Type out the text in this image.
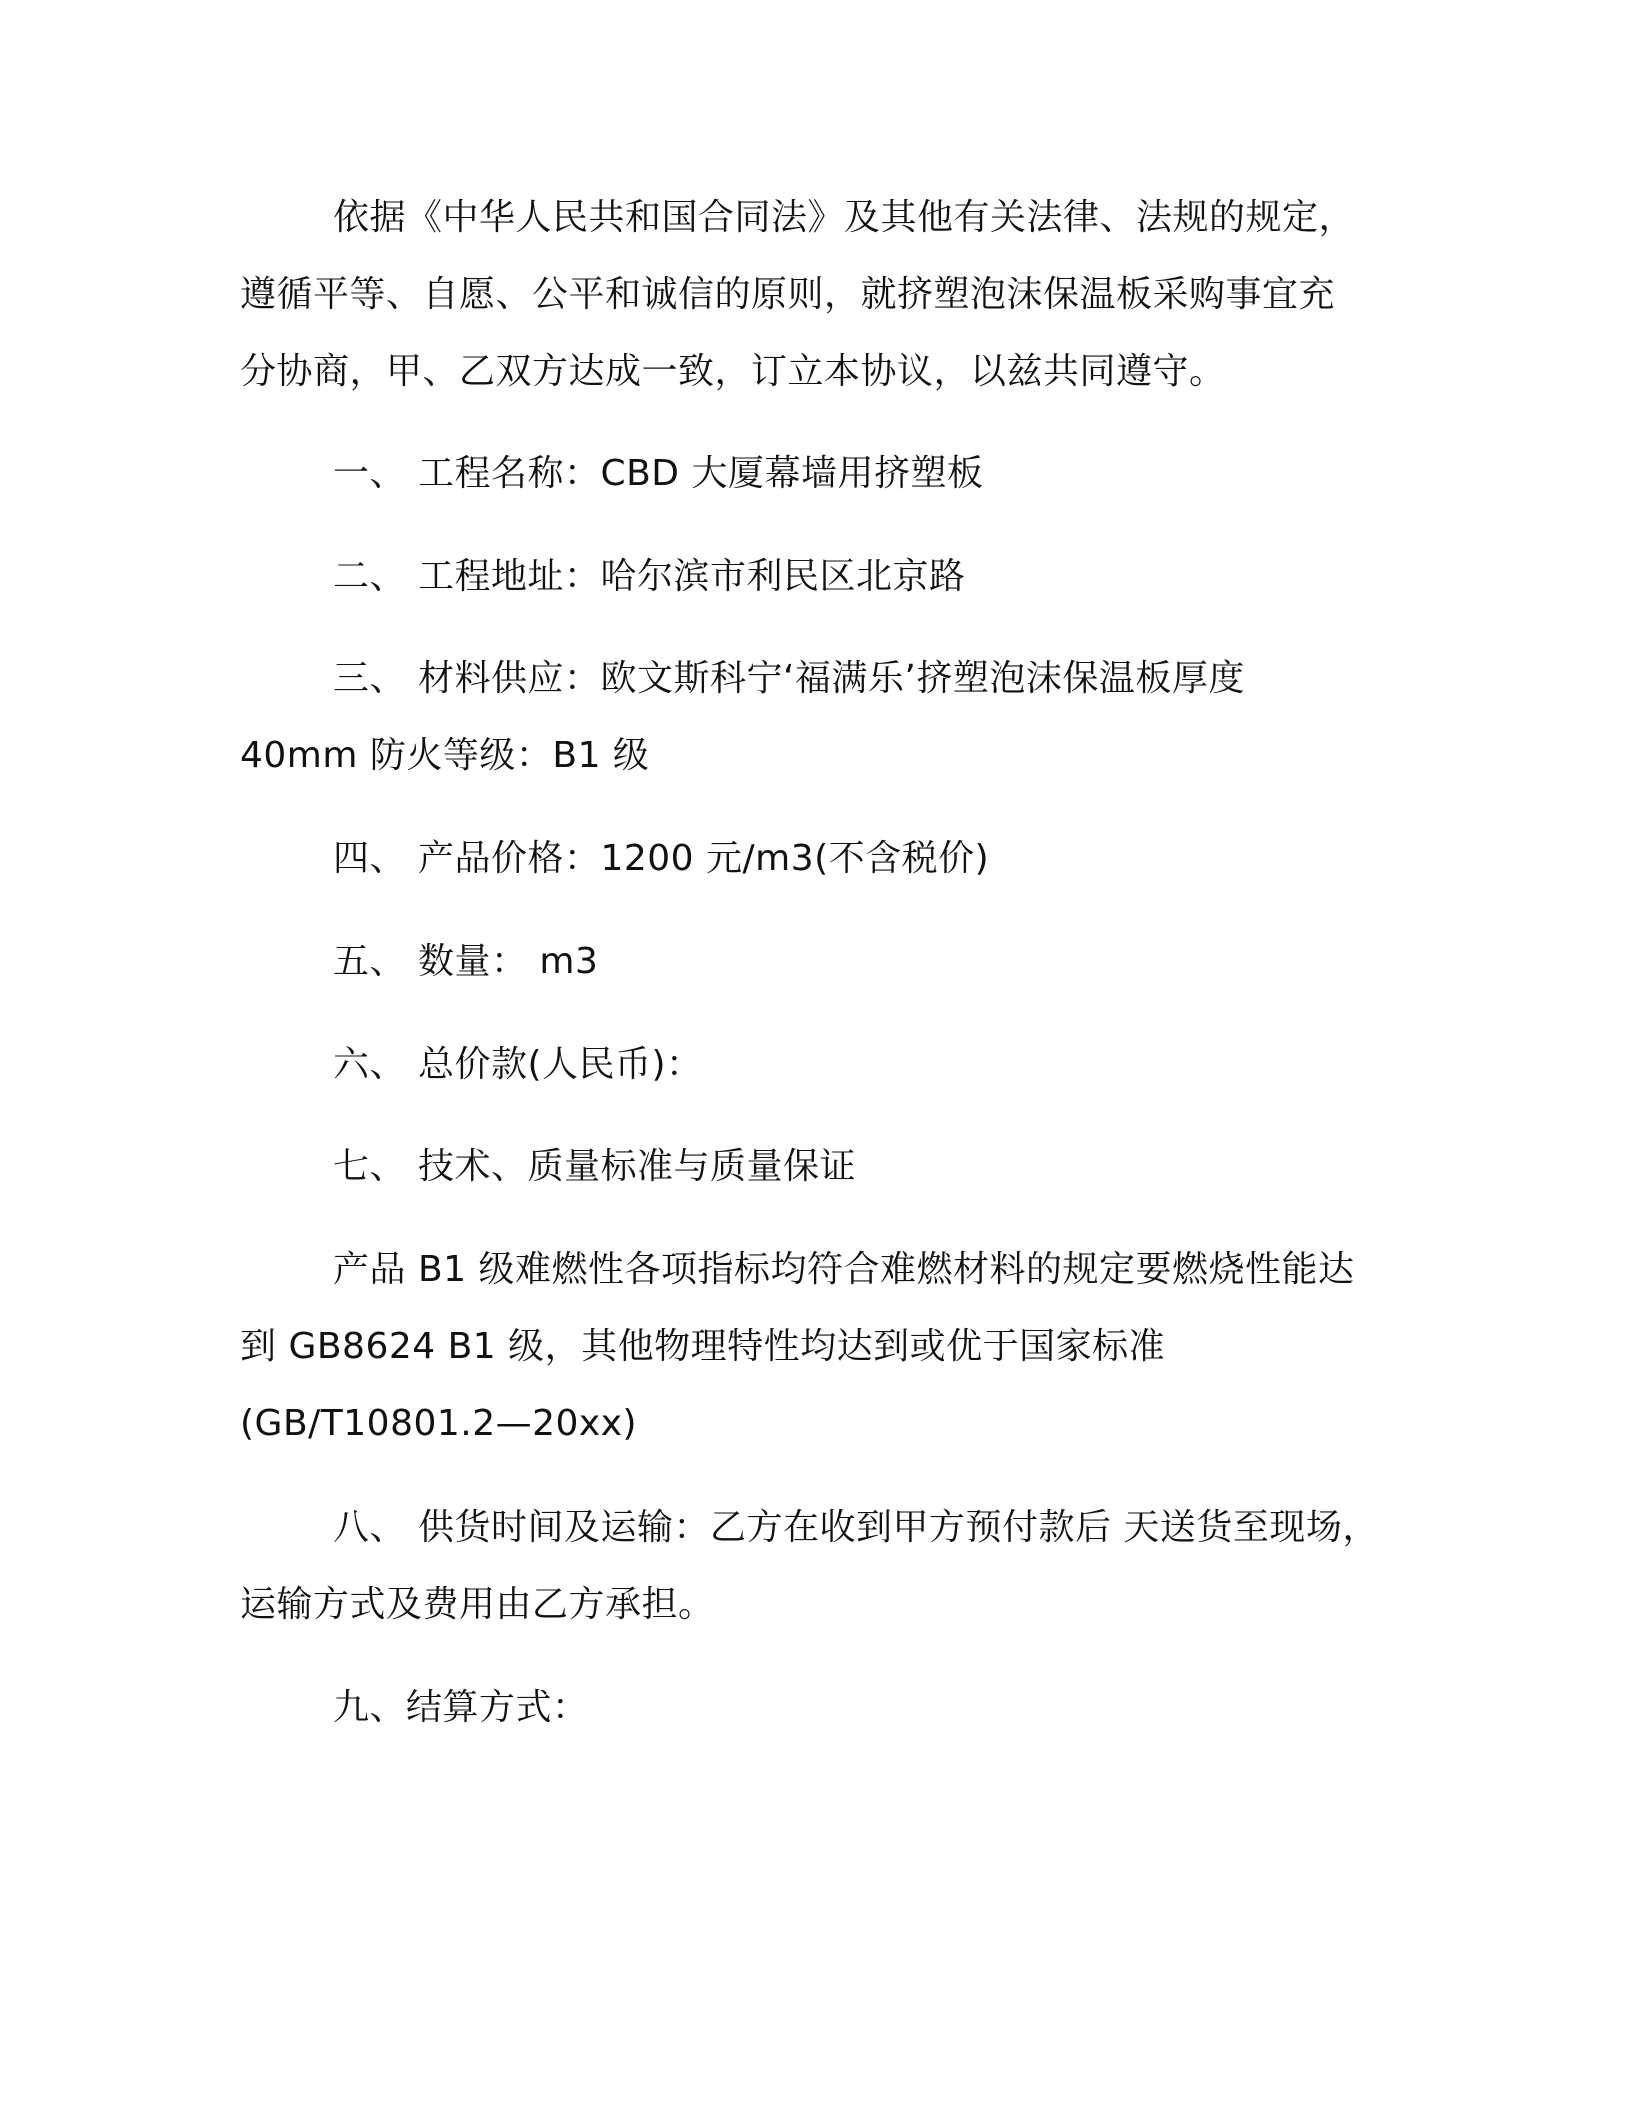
依据《中华人民共和国合同法》及其他有关法律、法规的规定，
遵循平等、自愿、公平和诚信的原则，就挤塑泡沫保温板采购事宜充
分协商，甲、乙双方达成一致，订立本协议，以兹共同遵守。
一、 工程名称：CBD 大厦幕墙用挤塑板
二、 工程地址：哈尔滨市利民区北京路
三、 材料供应：欧文斯科宁‘福满乐’挤塑泡沫保温板厚度
40mm 防火等级：B1 级
四、 产品价格：1200 元/m3(不含税价)
五、 数量： m3
六、 总价款(人民币)：
七、 技术、质量标准与质量保证
产品 B1 级难燃性各项指标均符合难燃材料的规定要燃烧性能达
到 GB8624 B1 级，其他物理特性均达到或优于国家标准
(GB/T10801.2—20xx)
八、 供货时间及运输：乙方在收到甲方预付款后 天送货至现场，
运输方式及费用由乙方承担。
九、结算方式：
